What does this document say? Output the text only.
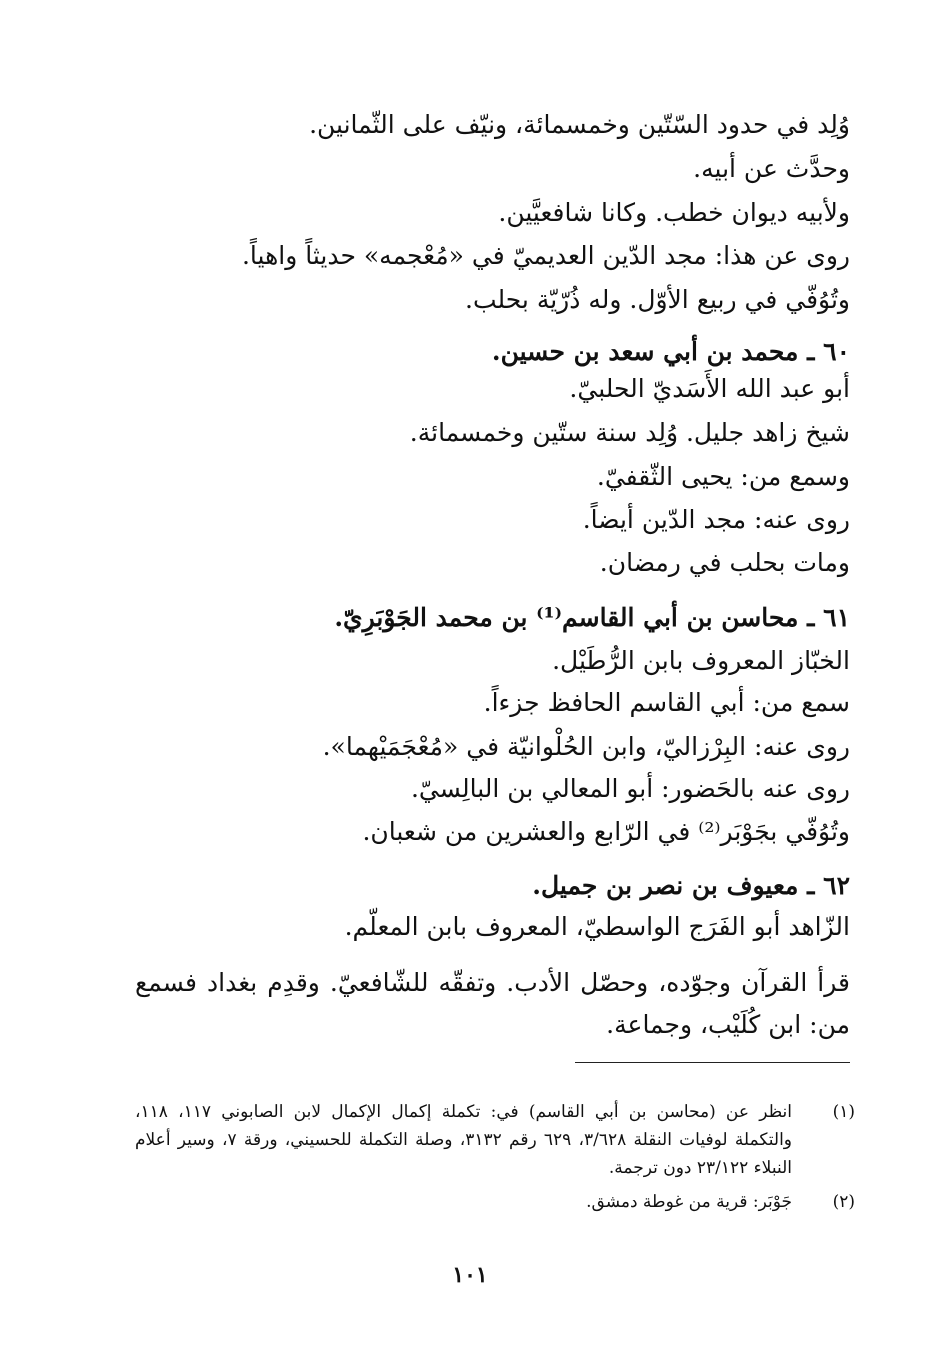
وُلِد في حدود السّتّين وخمسمائة، ونيّف على الثّمانين.
وحدَّث عن أبيه.
ولأبيه ديوان خطب. وكانا شافعيَّين.
روى عن هذا: مجد الدّين العديميّ في «مُعْجمه» حديثاً واهياً.
وتُوُفّي في ربيع الأوّل. وله ذُرّيّة بحلب.
٦٠ ـ محمد بن أبي سعد بن حسين.
أبو عبد الله الأَسَديّ الحلبيّ.
شيخ زاهد جليل. وُلِد سنة ستّين وخمسمائة.
وسمع من: يحيى الثّقفيّ.
روى عنه: مجد الدّين أيضاً.
ومات بحلب في رمضان.
٦١ ـ محاسن بن أبي القاسم⁽¹⁾ بن محمد الجَوْبَرِيّ.
الخبّاز المعروف بابن الرُّطَيْل.
سمع من: أبي القاسم الحافظ جزءاً.
روى عنه: البِرْزاليّ، وابن الحُلْوانيّة في «مُعْجَمَيْهما».
روى عنه بالحَضور: أبو المعالي بن البالِسيّ.
وتُوُفّي بجَوْبَر⁽²⁾ في الرّابع والعشرين من شعبان.
٦٢ ـ معيوف بن نصر بن جميل.
الزّاهد أبو الفَرَج الواسطيّ، المعروف بابن المعلّم.
قرأ القرآن وجوّده، وحصّل الأدب. وتفقّه للشّافعيّ. وقدِم بغداد فسمع
من: ابن كُلَيْب، وجماعة.
(١)
انظر عن (محاسن بن أبي القاسم) في: تكملة إكمال الإكمال لابن الصابوني ١١٧، ١١٨، والتكملة لوفيات النقلة ٣/٦٢٨، ٦٢٩ رقم ٣١٣٢، وصلة التكملة للحسيني، ورقة ٧، وسير أعلام النبلاء ٢٣/١٢٢ دون ترجمة.
(٢)
جَوْبَر: قرية من غوطة دمشق.
١٠١
